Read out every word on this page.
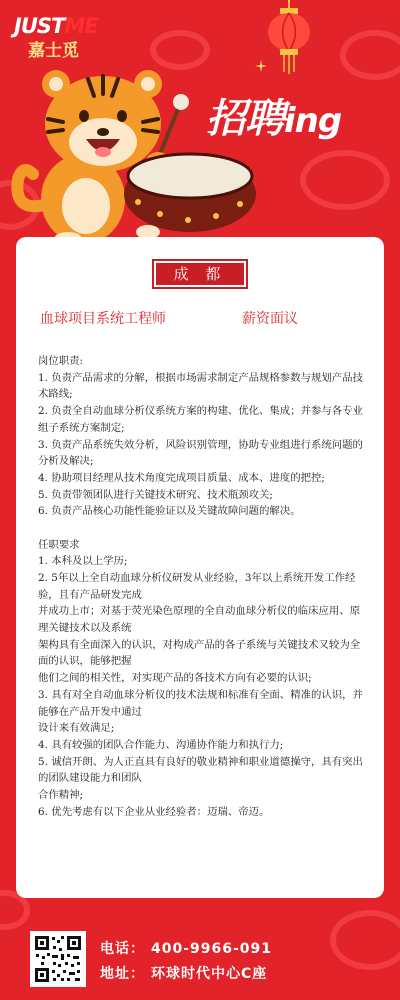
JUSTME
嘉士觅
招聘ing
成 都
血球项目系统工程师	薪资面议

岗位职责:

1. 负责产品需求的分解，根据市场需求制定产品规格参数与规划产品技术路线;

2. 负责全自动血球分析仪系统方案的构建、优化、集成；并参与各专业组子系统方案制定;

3. 负责产品系统失效分析，风险识别管理，协助专业组进行系统问题的分析及解决;

4. 协助项目经理从技术角度完成项目质量、成本、进度的把控;

5. 负责带领团队进行关键技术研究、技术瓶颈攻关;

6. 负责产品核心功能性能验证以及关键故障问题的解决。

任职要求

1. 本科及以上学历;

2. 5年以上全自动血球分析仪研发从业经验，3年以上系统开发工作经验，且有产品研发完成

并成功上市；对基于荧光染色原理的全自动血球分析仪的临床应用、原理关键技术以及系统

架构具有全面深入的认识，对构成产品的各子系统与关键技术又较为全面的认识，能够把握

他们之间的相关性，对实现产品的各技术方向有必要的认识;

3. 具有对全自动血球分析仪的技术法规和标准有全面、精准的认识，并能够在产品开发中通过

设计来有效满足;

4. 具有较强的团队合作能力、沟通协作能力和执行力;

5. 诚信开朗、为人正直具有良好的敬业精神和职业道德操守，具有突出的团队建设能力和团队

合作精神;

6. 优先考虑有以下企业从业经验者：迈瑞、帝迈。

电话： 400-9966-091
地址： 环球时代中心C座
